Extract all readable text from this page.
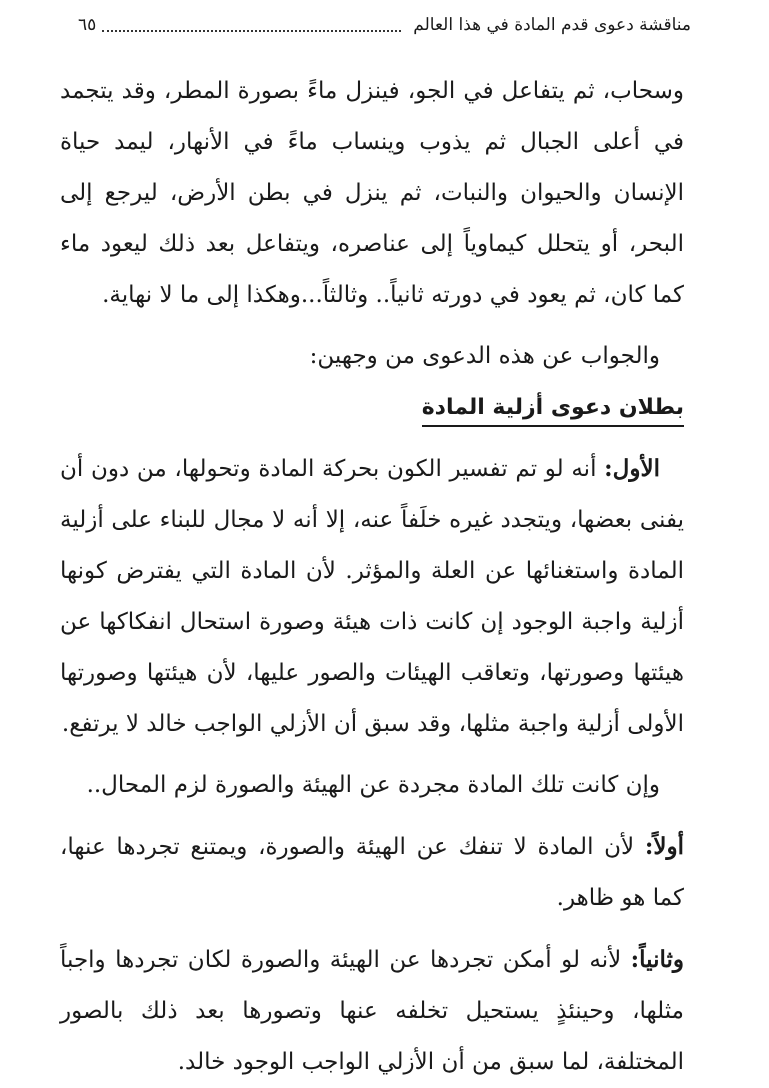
مناقشة دعوى قدم المادة في هذا العالم
٦٥

وسحاب، ثم يتفاعل في الجو، فينزل ماءً بصورة المطر، وقد يتجمد في أعلى الجبال ثم يذوب وينساب ماءً في الأنهار، ليمد حياة الإنسان والحيوان والنبات، ثم ينزل في بطن الأرض، ليرجع إلى البحر، أو يتحلل كيماوياً إلى عناصره، ويتفاعل بعد ذلك ليعود ماء كما كان، ثم يعود في دورته ثانياً.. وثالثاً...وهكذا إلى ما لا نهاية.

والجواب عن هذه الدعوى من وجهين:

بطلان دعوى أزلية المادة

الأول: أنه لو تم تفسير الكون بحركة المادة وتحولها، من دون أن يفنى بعضها، ويتجدد غيره خلَفاً عنه، إلا أنه لا مجال للبناء على أزلية المادة واستغنائها عن العلة والمؤثر. لأن المادة التي يفترض كونها أزلية واجبة الوجود إن كانت ذات هيئة وصورة استحال انفكاكها عن هيئتها وصورتها، وتعاقب الهيئات والصور عليها، لأن هيئتها وصورتها الأولى أزلية واجبة مثلها، وقد سبق أن الأزلي الواجب خالد لا يرتفع.

وإن كانت تلك المادة مجردة عن الهيئة والصورة لزم المحال..

أولاً: لأن المادة لا تنفك عن الهيئة والصورة، ويمتنع تجردها عنها، كما هو ظاهر.

وثانياً: لأنه لو أمكن تجردها عن الهيئة والصورة لكان تجردها واجباً مثلها، وحينئذٍ يستحيل تخلفه عنها وتصورها بعد ذلك بالصور المختلفة، لما سبق من أن الأزلي الواجب الوجود خالد.
